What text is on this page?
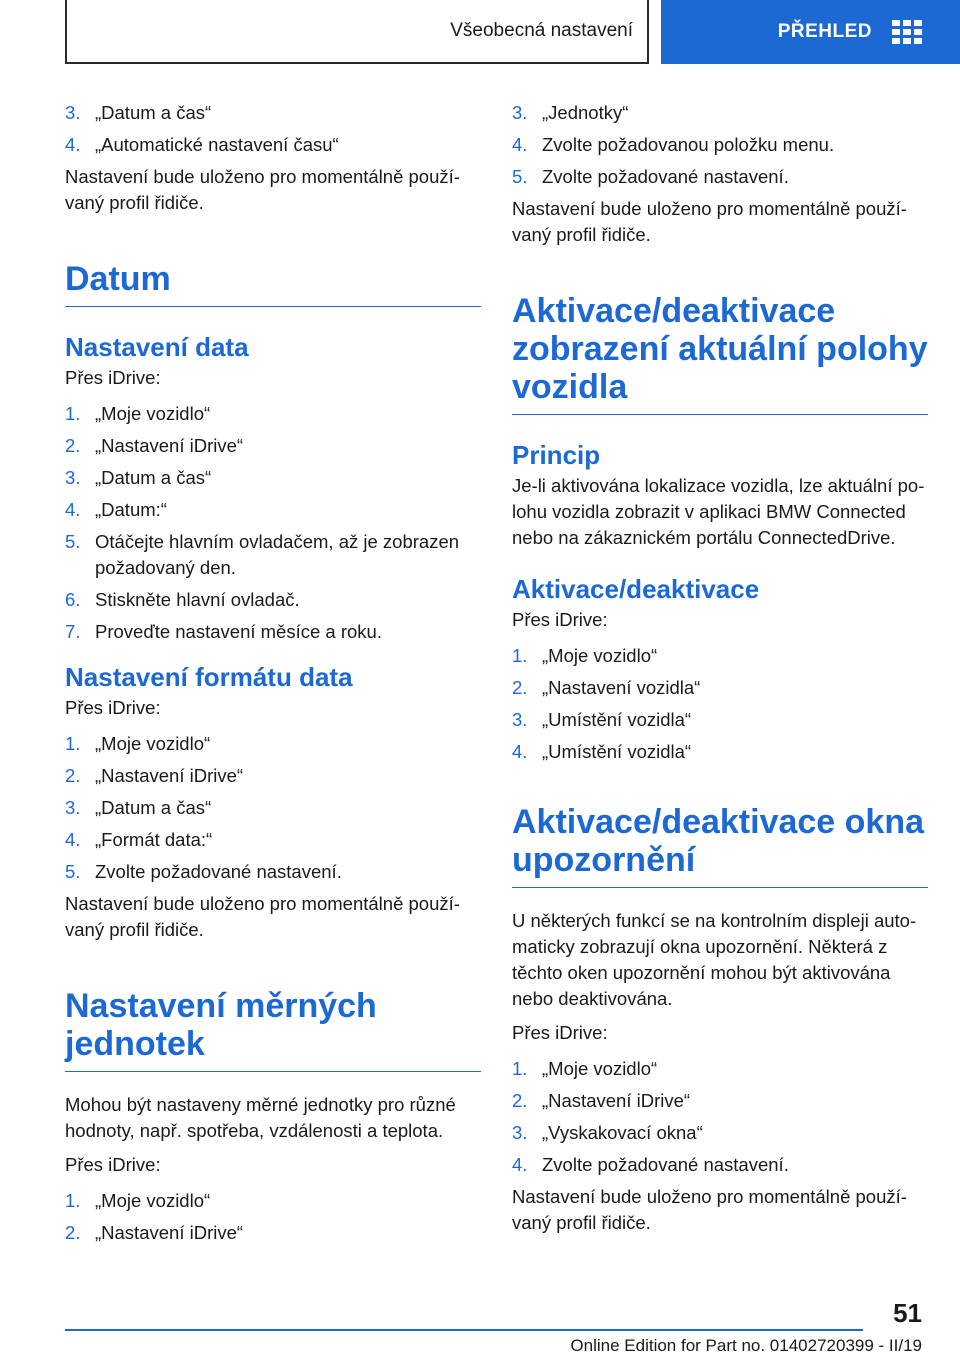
Všeobecná nastavení	PŘEHLED
3. „Datum a čas“
4. „Automatické nastavení času“

Nastavení bude uloženo pro momentálně používaný profil řidiče.

Datum
Nastavení data

Přes iDrive:

1. „Moje vozidlo“
2. „Nastavení iDrive“
3. „Datum a čas“
4. „Datum:“
5. Otáčejte hlavním ovladačem, až je zobrazen požadovaný den.
6. Stiskněte hlavní ovladač.
7. Proveďte nastavení měsíce a roku.
Nastavení formátu data

Přes iDrive:

1. „Moje vozidlo“
2. „Nastavení iDrive“
3. „Datum a čas“
4. „Formát data:“
5. Zvolte požadované nastavení.

Nastavení bude uloženo pro momentálně používaný profil řidiče.

Nastavení měrných jednotek

Mohou být nastaveny měrné jednotky pro různé hodnoty, např. spotřeba, vzdálenosti a teplota.

Přes iDrive:

1. „Moje vozidlo“
2. „Nastavení iDrive“
3. „Jednotky“
4. Zvolte požadovanou položku menu.
5. Zvolte požadované nastavení.

Nastavení bude uloženo pro momentálně používaný profil řidiče.

Aktivace/deaktivace zobrazení aktuální polohy vozidla
Princip

Je-li aktivována lokalizace vozidla, lze aktuální polohu vozidla zobrazit v aplikaci BMW Connected nebo na zákaznickém portálu ConnectedDrive.

Aktivace/deaktivace

Přes iDrive:

1. „Moje vozidlo“
2. „Nastavení vozidla“
3. „Umístění vozidla“
4. „Umístění vozidla“
Aktivace/deaktivace okna upozornění

U některých funkcí se na kontrolním displeji automaticky zobrazují okna upozornění. Některá z těchto oken upozornění mohou být aktivována nebo deaktivována.

Přes iDrive:

1. „Moje vozidlo“
2. „Nastavení iDrive“
3. „Vyskakovací okna“
4. Zvolte požadované nastavení.

Nastavení bude uloženo pro momentálně používaný profil řidiče.

51
Online Edition for Part no. 01402720399 - II/19
